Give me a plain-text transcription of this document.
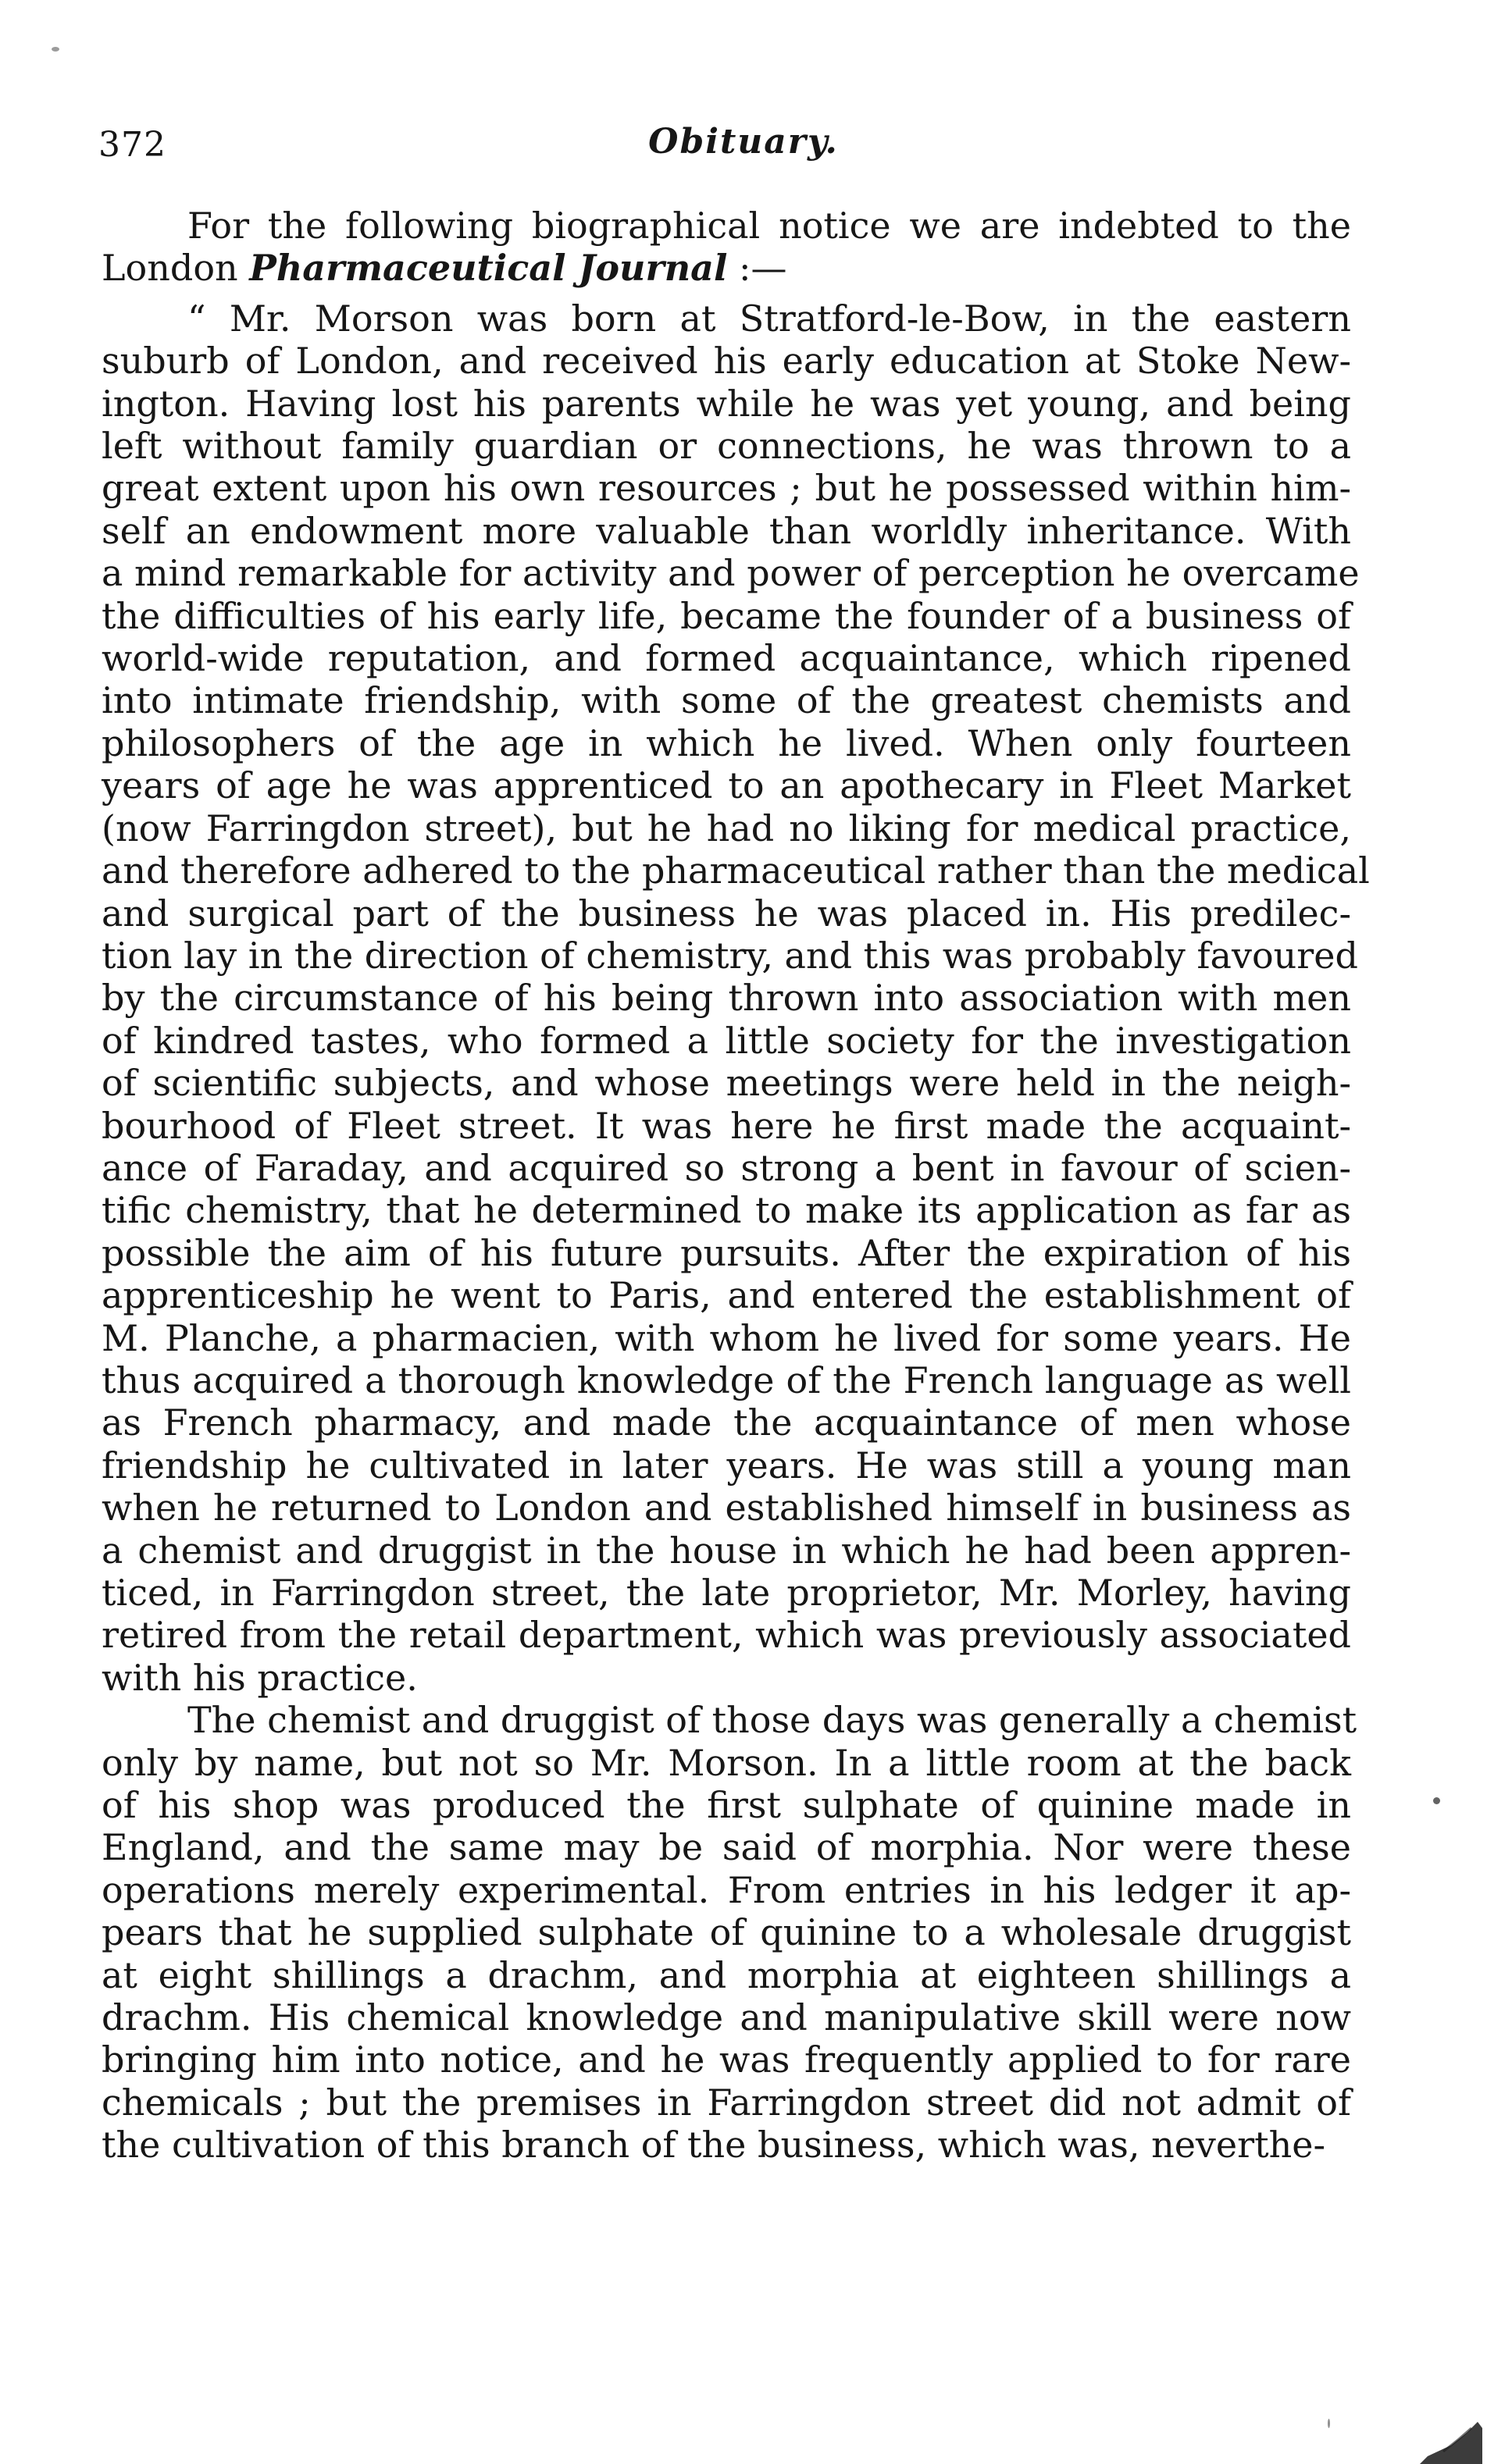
372	Obituary.
For the following biographical notice we are indebted to the
London Pharmaceutical Journal :—
“ Mr. Morson was born at Stratford-le-Bow, in the eastern
suburb of London, and received his early education at Stoke New-
ington. Having lost his parents while he was yet young, and being
left without family guardian or connections, he was thrown to a
great extent upon his own resources ; but he possessed within him-
self an endowment more valuable than worldly inheritance. With
a mind remarkable for activity and power of perception he overcame
the difficulties of his early life, became the founder of a business of
world-wide reputation, and formed acquaintance, which ripened
into intimate friendship, with some of the greatest chemists and
philosophers of the age in which he lived. When only fourteen
years of age he was apprenticed to an apothecary in Fleet Market
(now Farringdon street), but he had no liking for medical practice,
and therefore adhered to the pharmaceutical rather than the medical
and surgical part of the business he was placed in. His predilec-
tion lay in the direction of chemistry, and this was probably favoured
by the circumstance of his being thrown into association with men
of kindred tastes, who formed a little society for the investigation
of scientific subjects, and whose meetings were held in the neigh-
bourhood of Fleet street. It was here he first made the acquaint-
ance of Faraday, and acquired so strong a bent in favour of scien-
tific chemistry, that he determined to make its application as far as
possible the aim of his future pursuits. After the expiration of his
apprenticeship he went to Paris, and entered the establishment of
M. Planche, a pharmacien, with whom he lived for some years. He
thus acquired a thorough knowledge of the French language as well
as French pharmacy, and made the acquaintance of men whose
friendship he cultivated in later years. He was still a young man
when he returned to London and established himself in business as
a chemist and druggist in the house in which he had been appren-
ticed, in Farringdon street, the late proprietor, Mr. Morley, having
retired from the retail department, which was previously associated
with his practice.
The chemist and druggist of those days was generally a chemist
only by name, but not so Mr. Morson. In a little room at the back
of his shop was produced the first sulphate of quinine made in
England, and the same may be said of morphia. Nor were these
operations merely experimental. From entries in his ledger it ap-
pears that he supplied sulphate of quinine to a wholesale druggist
at eight shillings a drachm, and morphia at eighteen shillings a
drachm. His chemical knowledge and manipulative skill were now
bringing him into notice, and he was frequently applied to for rare
chemicals ; but the premises in Farringdon street did not admit of
the cultivation of this branch of the business, which was, neverthe-
